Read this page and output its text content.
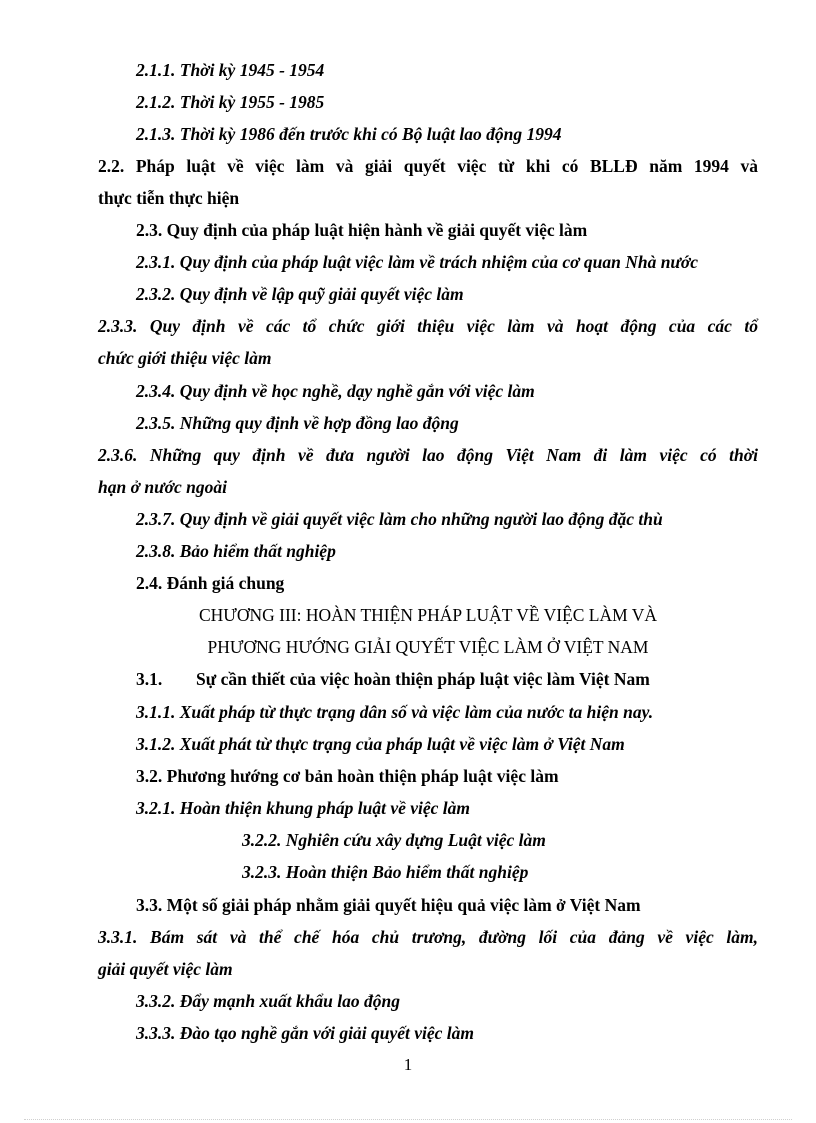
2.1.1. Thời kỳ 1945 - 1954
2.1.2. Thời kỳ 1955 - 1985
2.1.3. Thời kỳ 1986 đến trước khi có Bộ luật lao động 1994
2.2. Pháp luật về việc làm và giải quyết việc từ khi có BLLĐ năm 1994 và
thực tiễn thực hiện
2.3. Quy định của pháp luật hiện hành về giải quyết việc làm
2.3.1. Quy định của pháp luật việc làm về trách nhiệm của cơ quan Nhà nước
2.3.2. Quy định về lập quỹ giải quyết việc làm
2.3.3. Quy định về các tổ chức giới thiệu việc làm và hoạt động của các tổ
chức giới thiệu việc làm
2.3.4. Quy định về học nghề, dạy nghề gắn với việc làm
2.3.5. Những quy định về hợp đồng lao động
2.3.6. Những quy định về đưa người lao động Việt Nam đi làm việc có thời
hạn ở nước ngoài
2.3.7. Quy định về giải quyết việc làm cho những người lao động đặc thù
2.3.8. Bảo hiểm thất nghiệp
2.4. Đánh giá chung
CHƯƠNG III: HOÀN THIỆN PHÁP LUẬT VỀ VIỆC LÀM VÀ
PHƯƠNG HƯỚNG GIẢI QUYẾT VIỆC LÀM Ở VIỆT NAM
3.1. Sự cần thiết của việc hoàn thiện pháp luật việc làm Việt Nam
3.1.1. Xuất pháp từ thực trạng dân số và việc làm của nước ta hiện nay.
3.1.2. Xuất phát từ thực trạng của pháp luật về việc làm ở Việt Nam
3.2. Phương hướng cơ bản hoàn thiện pháp luật việc làm
3.2.1. Hoàn thiện khung pháp luật về việc làm
3.2.2. Nghiên cứu xây dựng Luật việc làm
3.2.3. Hoàn thiện Bảo hiểm thất nghiệp
3.3. Một số giải pháp nhằm giải quyết hiệu quả việc làm ở Việt Nam
3.3.1. Bám sát và thể chế hóa chủ trương, đường lối của đảng về việc làm,
giải quyết việc làm
3.3.2. Đẩy mạnh xuất khẩu lao động
3.3.3. Đào tạo nghề gắn với giải quyết việc làm
1
